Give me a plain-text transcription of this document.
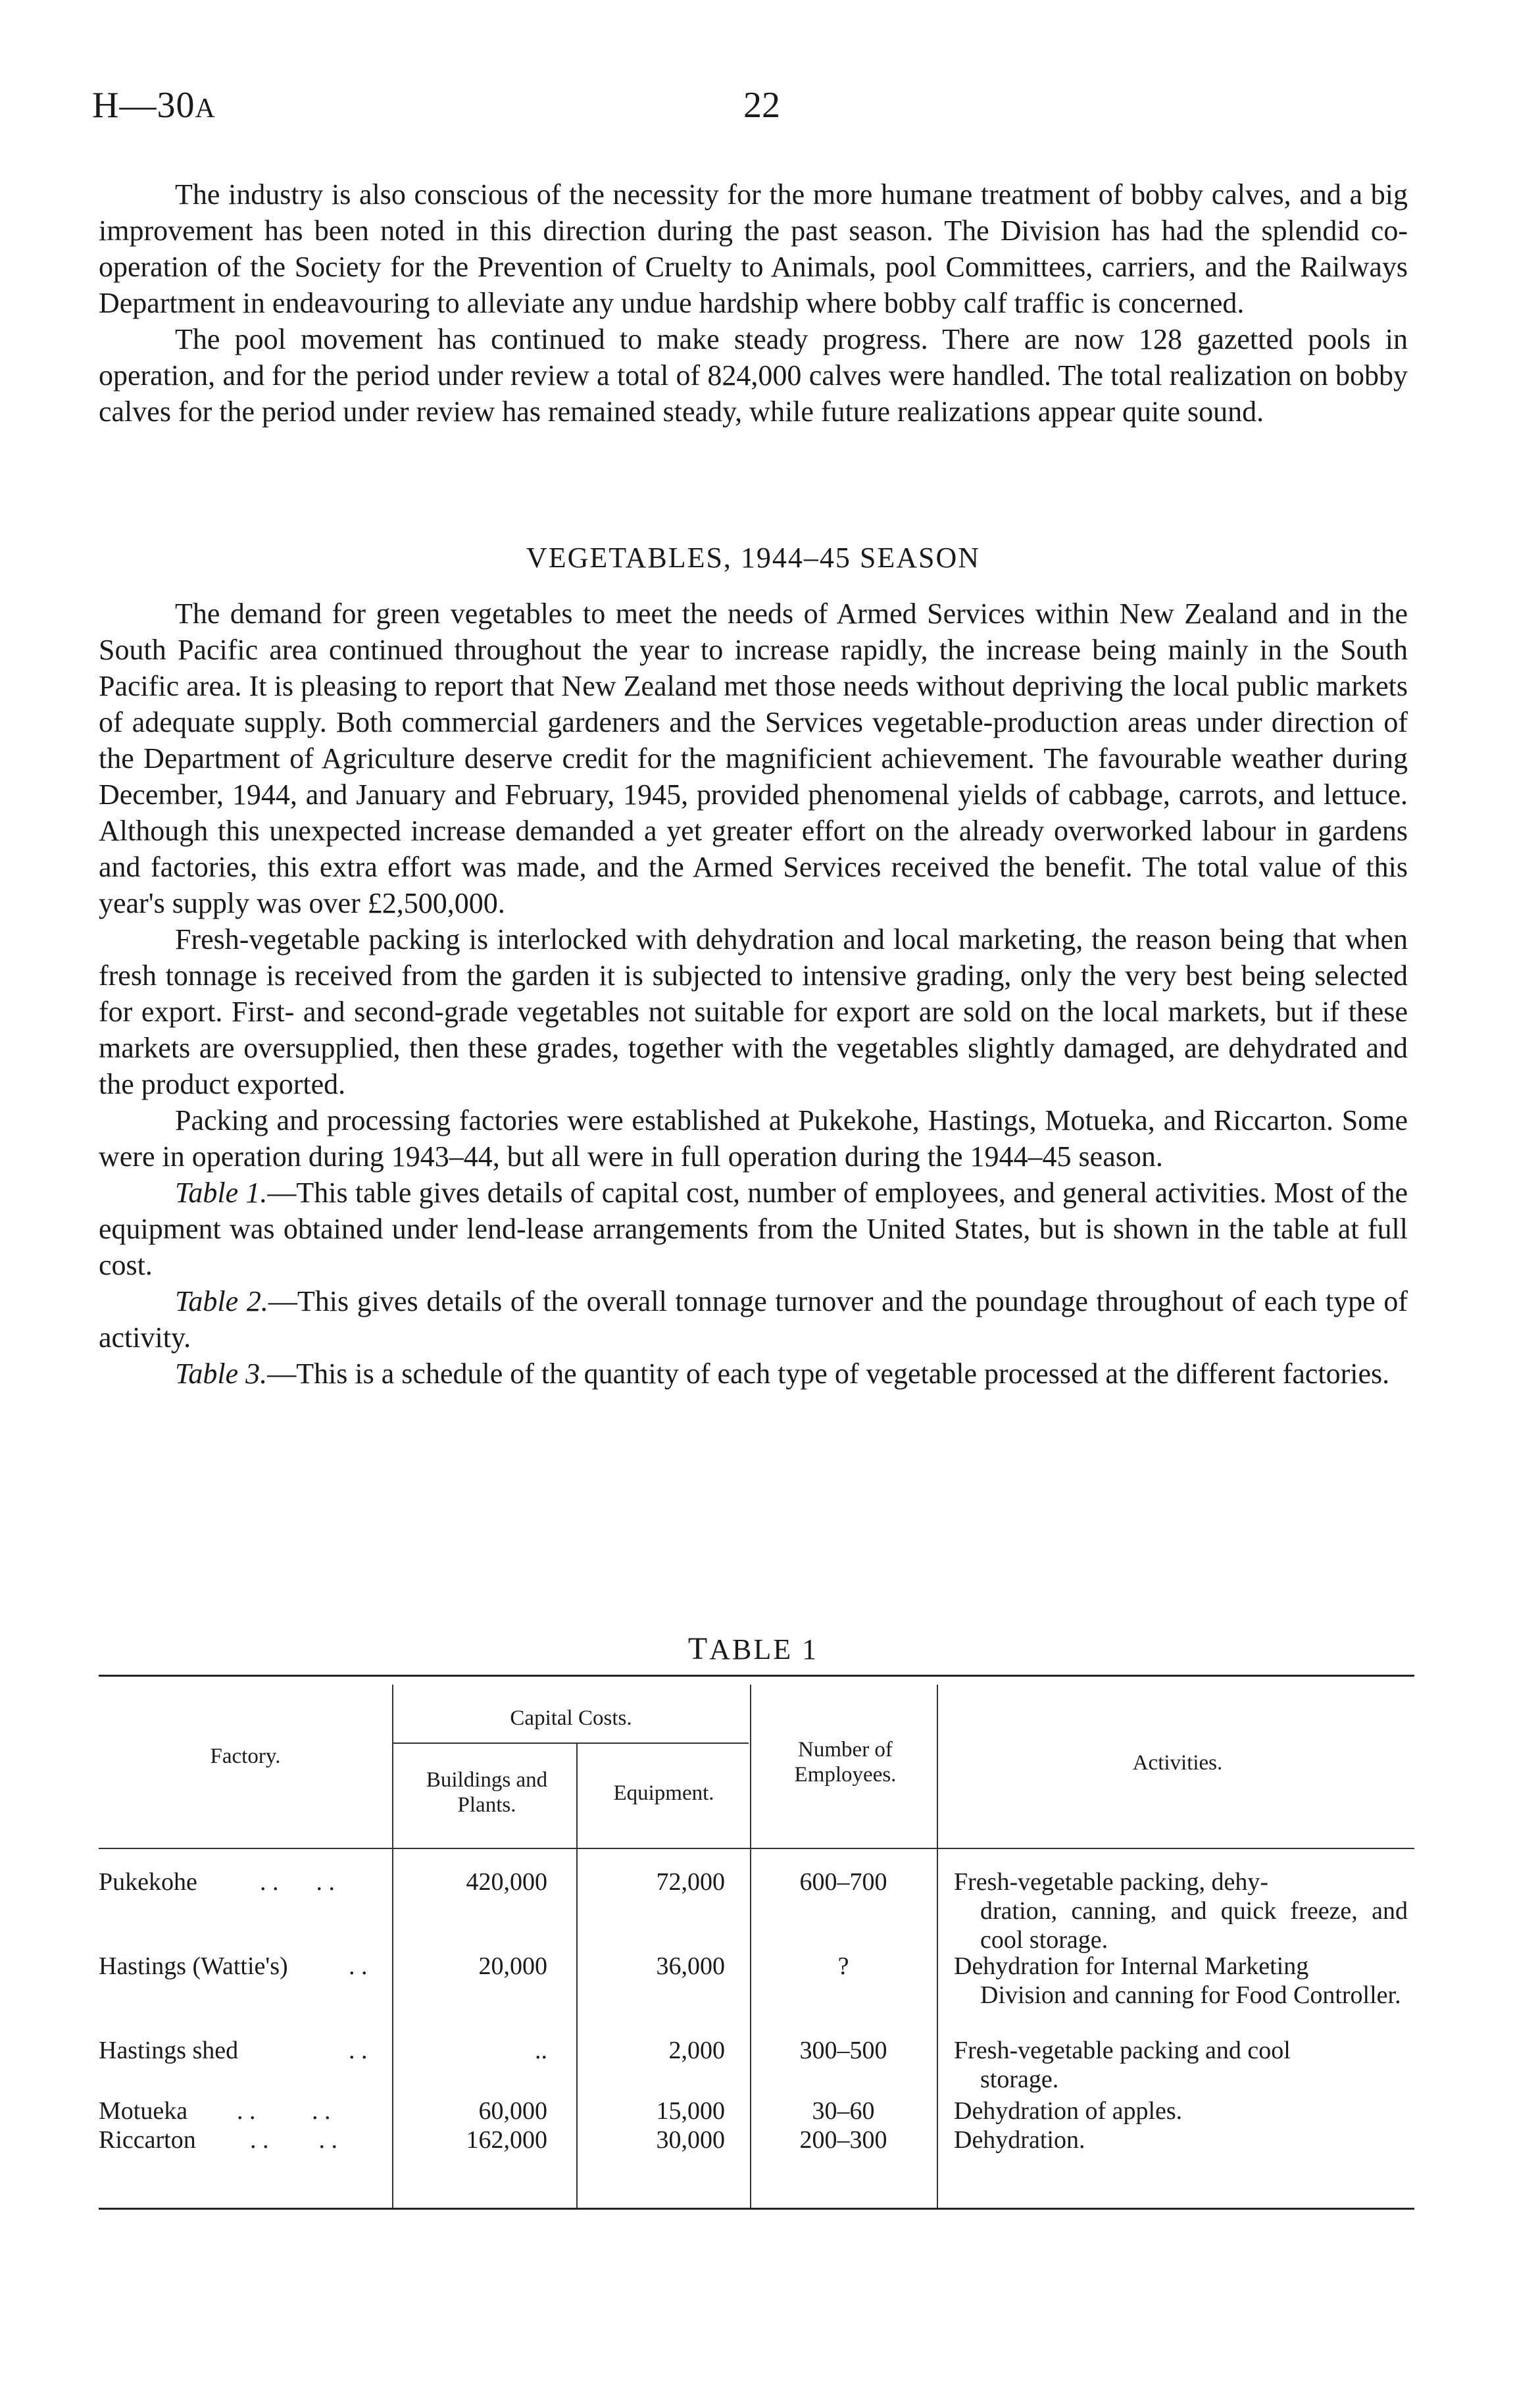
H—30A	22

The industry is also conscious of the necessity for the more humane treatment of bobby calves, and a big improvement has been noted in this direction during the past season. The Division has had the splendid co-operation of the Society for the Prevention of Cruelty to Animals, pool Committees, carriers, and the Railways Department in endeavouring to alleviate any undue hardship where bobby calf traffic is concerned.

The pool movement has continued to make steady progress. There are now 128 gazetted pools in operation, and for the period under review a total of 824,000 calves were handled. The total realization on bobby calves for the period under review has remained steady, while future realizations appear quite sound.

VEGETABLES, 1944–45 SEASON

The demand for green vegetables to meet the needs of Armed Services within New Zealand and in the South Pacific area continued throughout the year to increase rapidly, the increase being mainly in the South Pacific area. It is pleasing to report that New Zealand met those needs without depriving the local public markets of adequate supply. Both commercial gardeners and the Services vegetable-production areas under direction of the Department of Agriculture deserve credit for the magnificient achievement. The favourable weather during December, 1944, and January and February, 1945, provided phenomenal yields of cabbage, carrots, and lettuce. Although this unexpected increase demanded a yet greater effort on the already overworked labour in gardens and factories, this extra effort was made, and the Armed Services received the benefit. The total value of this year's supply was over £2,500,000.

Fresh-vegetable packing is interlocked with dehydration and local marketing, the reason being that when fresh tonnage is received from the garden it is subjected to intensive grading, only the very best being selected for export. First- and second-grade vegetables not suitable for export are sold on the local markets, but if these markets are oversupplied, then these grades, together with the vegetables slightly damaged, are dehydrated and the product exported.

Packing and processing factories were established at Pukekohe, Hastings, Motueka, and Riccarton. Some were in operation during 1943–44, but all were in full operation during the 1944–45 season.

Table 1.—This table gives details of capital cost, number of employees, and general activities. Most of the equipment was obtained under lend-lease arrangements from the United States, but is shown in the table at full cost.

Table 2.—This gives details of the overall tonnage turnover and the poundage throughout of each type of activity.

Table 3.—This is a schedule of the quantity of each type of vegetable processed at the different factories.

TABLE 1
Factory.
Capital Costs.
Buildings and Plants.	Equipment.
Number of Employees.	Activities.
Pukekohe	. .      . .	420,000	72,000	600–700	Fresh-vegetable packing, dehy-
dration, canning, and quick freeze, and cool storage.
Hastings (Wattie's)	. .	20,000	36,000	?	Dehydration for Internal Marketing
Division and canning for Food Controller.
Hastings shed	. .	..	2,000	300–500	Fresh-vegetable packing and cool
storage.
Motueka	. .         . .	60,000	15,000	30–60	Dehydration of apples.
Riccarton	. .        . .	162,000	30,000	200–300	Dehydration.
